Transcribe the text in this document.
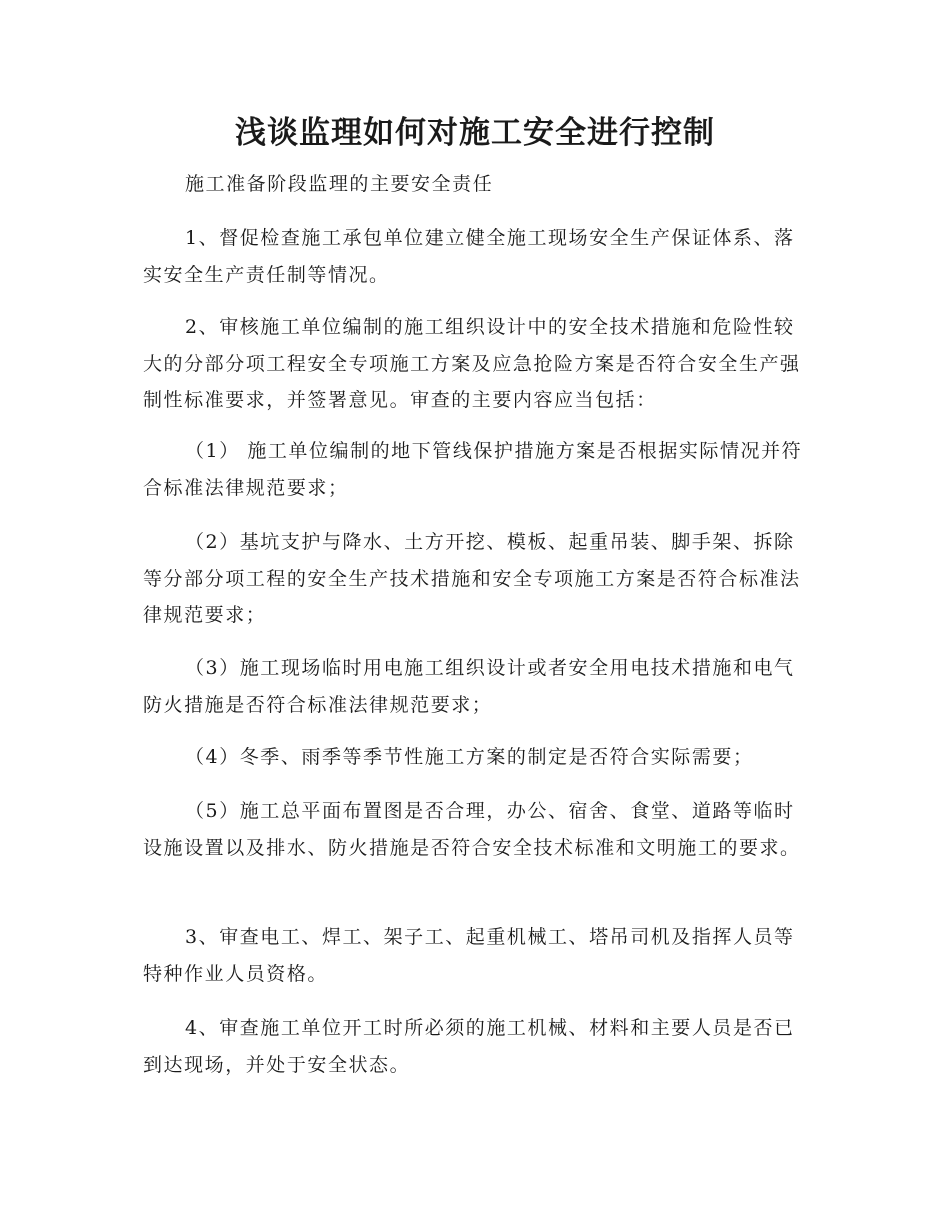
浅谈监理如何对施工安全进行控制

施工准备阶段监理的主要安全责任

1、督促检查施工承包单位建立健全施工现场安全生产保证体系、落实安全生产责任制等情况。

2、审核施工单位编制的施工组织设计中的安全技术措施和危险性较大的分部分项工程安全专项施工方案及应急抢险方案是否符合安全生产强制性标准要求，并签署意见。审查的主要内容应当包括：

（1） 施工单位编制的地下管线保护措施方案是否根据实际情况并符合标准法律规范要求；

（2）基坑支护与降水、土方开挖、模板、起重吊装、脚手架、拆除等分部分项工程的安全生产技术措施和安全专项施工方案是否符合标准法律规范要求；

（3）施工现场临时用电施工组织设计或者安全用电技术措施和电气防火措施是否符合标准法律规范要求；

（4）冬季、雨季等季节性施工方案的制定是否符合实际需要；

（5）施工总平面布置图是否合理，办公、宿舍、食堂、道路等临时设施设置以及排水、防火措施是否符合安全技术标准和文明施工的要求。

3、审查电工、焊工、架子工、起重机械工、塔吊司机及指挥人员等特种作业人员资格。

4、审查施工单位开工时所必须的施工机械、材料和主要人员是否已到达现场，并处于安全状态。
